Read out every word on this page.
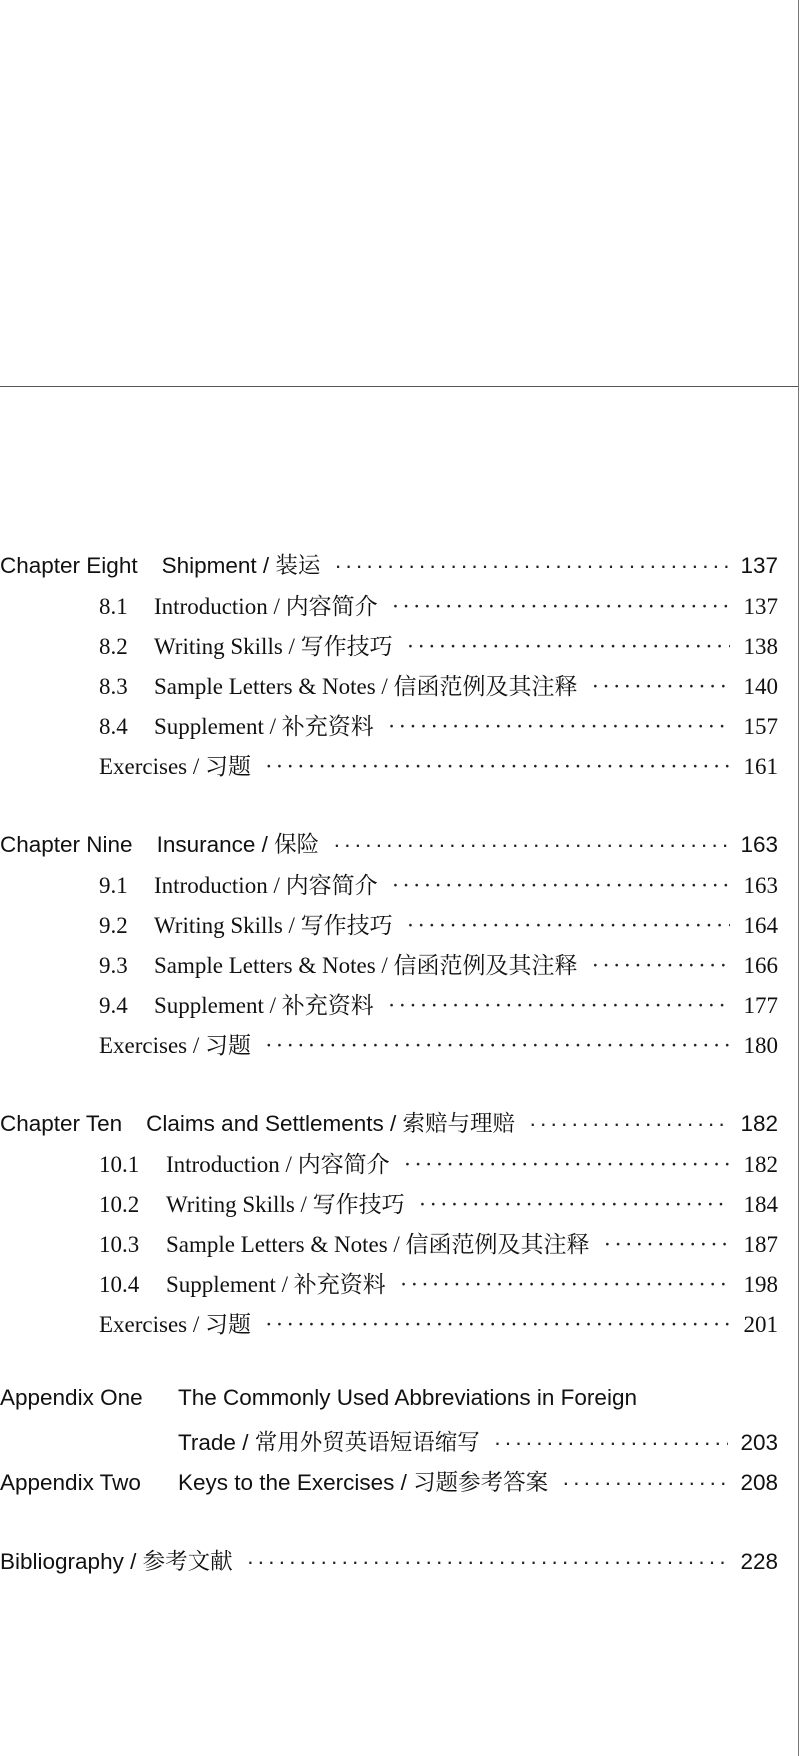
Chapter Eight Shipment / 装运 ·····	137
8.1	Introduction / 内容简介 ·····	137
8.2	Writing Skills / 写作技巧 ·····	138
8.3	Sample Letters & Notes / 信函范例及其注释 ·····	140
8.4	Supplement / 补充资料 ·····	157
Exercises / 习题 ·····	161
Chapter Nine Insurance / 保险 ·····	163
9.1	Introduction / 内容简介 ·····	163
9.2	Writing Skills / 写作技巧 ·····	164
9.3	Sample Letters & Notes / 信函范例及其注释 ·····	166
9.4	Supplement / 补充资料 ·····	177
Exercises / 习题 ·····	180
Chapter Ten Claims and Settlements / 索赔与理赔 ·····	182
10.1	Introduction / 内容简介 ·····	182
10.2	Writing Skills / 写作技巧 ·····	184
10.3	Sample Letters & Notes / 信函范例及其注释 ·····	187
10.4	Supplement / 补充资料 ·····	198
Exercises / 习题 ·····	201
Appendix One	The Commonly Used Abbreviations in Foreign
Trade / 常用外贸英语短语缩写 ·····	203
Appendix Two	Keys to the Exercises / 习题参考答案 ·····	208
Bibliography / 参考文献 ·····	228
